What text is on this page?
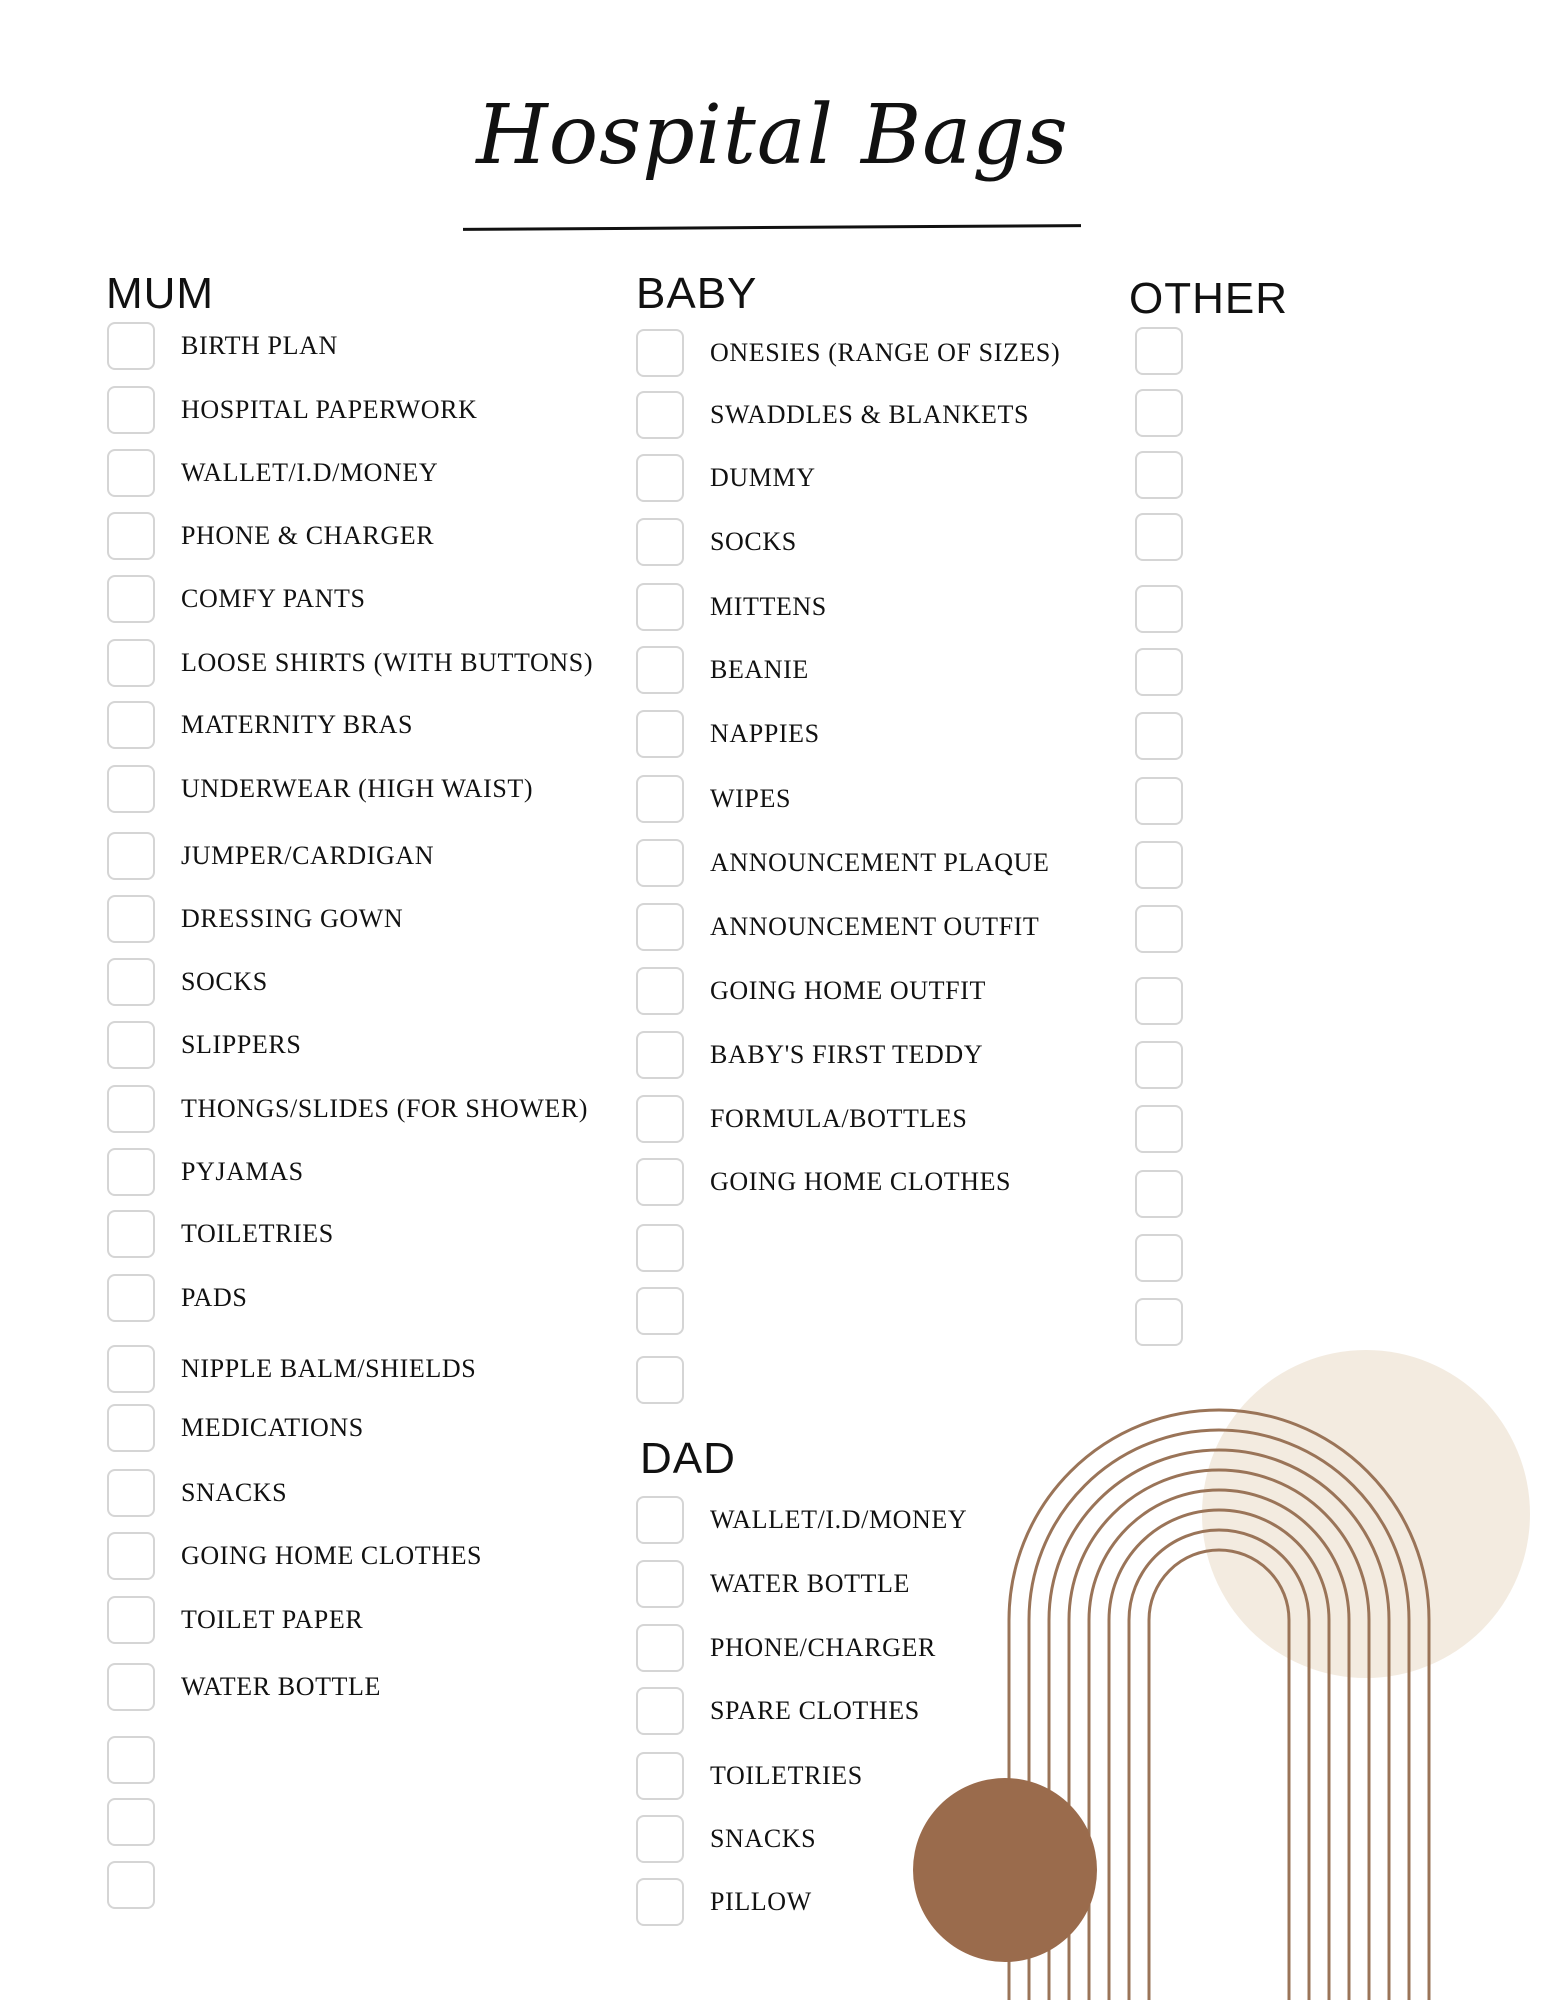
Hospital Bags
MUM
BIRTH PLAN
HOSPITAL PAPERWORK
WALLET/I.D/MONEY
PHONE & CHARGER
COMFY PANTS
LOOSE SHIRTS (WITH BUTTONS)
MATERNITY BRAS
UNDERWEAR (HIGH WAIST)
JUMPER/CARDIGAN
DRESSING GOWN
SOCKS
SLIPPERS
THONGS/SLIDES (FOR SHOWER)
PYJAMAS
TOILETRIES
PADS
NIPPLE BALM/SHIELDS
MEDICATIONS
SNACKS
GOING HOME CLOTHES
TOILET PAPER
WATER BOTTLE
BABY
ONESIES (RANGE OF SIZES)
SWADDLES & BLANKETS
DUMMY
SOCKS
MITTENS
BEANIE
NAPPIES
WIPES
ANNOUNCEMENT PLAQUE
ANNOUNCEMENT OUTFIT
GOING HOME OUTFIT
BABY'S FIRST TEDDY
FORMULA/BOTTLES
GOING HOME CLOTHES
OTHER
DAD
WALLET/I.D/MONEY
WATER BOTTLE
PHONE/CHARGER
SPARE CLOTHES
TOILETRIES
SNACKS
PILLOW
